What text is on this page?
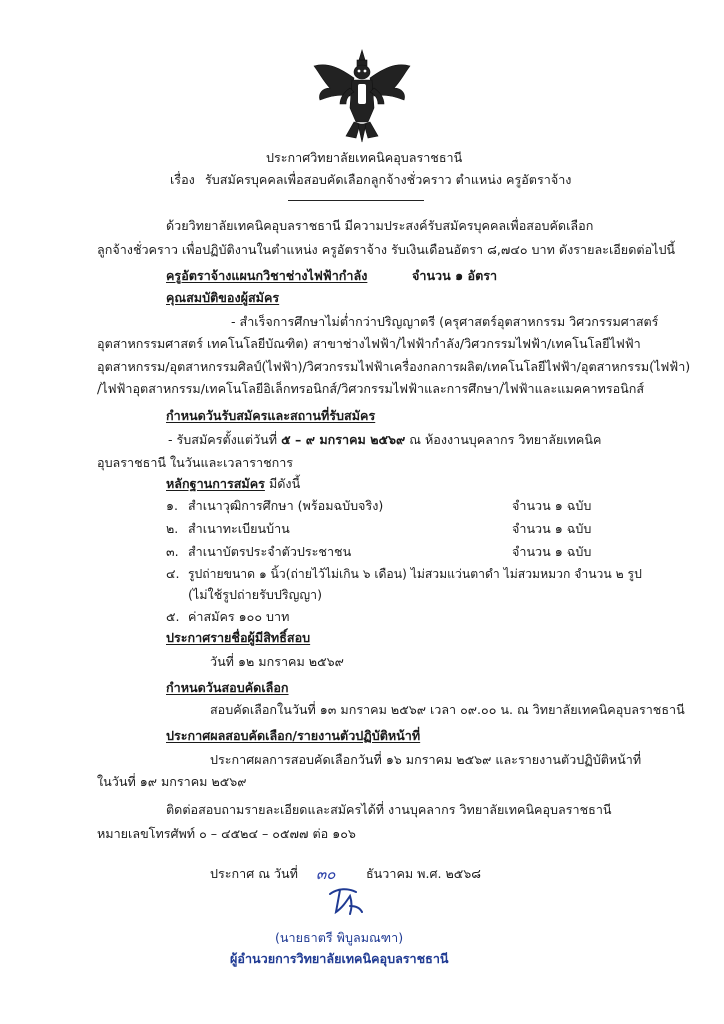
ประกาศวิทยาลัยเทคนิคอุบลราชธานี
เรื่อง รับสมัครบุคคลเพื่อสอบคัดเลือกลูกจ้างชั่วคราว ตำแหน่ง ครูอัตราจ้าง
ด้วยวิทยาลัยเทคนิคอุบลราชธานี มีความประสงค์รับสมัครบุคคลเพื่อสอบคัดเลือก
ลูกจ้างชั่วคราว เพื่อปฏิบัติงานในตำแหน่ง ครูอัตราจ้าง รับเงินเดือนอัตรา ๘,๗๔๐ บาท ดังรายละเอียดต่อไปนี้
ครูอัตราจ้างแผนกวิชาช่างไฟฟ้ากำลัง	จำนวน ๑ อัตรา
คุณสมบัติของผู้สมัคร
- สำเร็จการศึกษาไม่ต่ำกว่าปริญญาตรี (ครุศาสตร์อุตสาหกรรม วิศวกรรมศาสตร์
อุตสาหกรรมศาสตร์ เทคโนโลยีบัณฑิต) สาขาช่างไฟฟ้า/ไฟฟ้ากำลัง/วิศวกรรมไฟฟ้า/เทคโนโลยีไฟฟ้า
อุตสาหกรรม/อุตสาหกรรมศิลป์(ไฟฟ้า)/วิศวกรรมไฟฟ้าเครื่องกลการผลิต/เทคโนโลยีไฟฟ้า/อุตสาหกรรม(ไฟฟ้า)
/ไฟฟ้าอุตสาหกรรม/เทคโนโลยีอิเล็กทรอนิกส์/วิศวกรรมไฟฟ้าและการศึกษา/ไฟฟ้าและแมคคาทรอนิกส์
กำหนดวันรับสมัครและสถานที่รับสมัคร
- รับสมัครตั้งแต่วันที่ ๕ – ๙ มกราคม ๒๕๖๙ ณ ห้องงานบุคลากร วิทยาลัยเทคนิค
อุบลราชธานี ในวันและเวลาราชการ
หลักฐานการสมัคร มีดังนี้
๑. สำเนาวุฒิการศึกษา (พร้อมฉบับจริง)	จำนวน ๑ ฉบับ
๒. สำเนาทะเบียนบ้าน	จำนวน ๑ ฉบับ
๓. สำเนาบัตรประจำตัวประชาชน	จำนวน ๑ ฉบับ
๔. รูปถ่ายขนาด ๑ นิ้ว(ถ่ายไว้ไม่เกิน ๖ เดือน) ไม่สวมแว่นตาดำ ไม่สวมหมวก จำนวน ๒ รูป
(ไม่ใช้รูปถ่ายรับปริญญา)
๕. ค่าสมัคร ๑๐๐ บาท
ประกาศรายชื่อผู้มีสิทธิ์สอบ
วันที่ ๑๒ มกราคม ๒๕๖๙
กำหนดวันสอบคัดเลือก
สอบคัดเลือกในวันที่ ๑๓ มกราคม ๒๕๖๙ เวลา ๐๙.๐๐ น. ณ วิทยาลัยเทคนิคอุบลราชธานี
ประกาศผลสอบคัดเลือก/รายงานตัวปฏิบัติหน้าที่
ประกาศผลการสอบคัดเลือกวันที่ ๑๖ มกราคม ๒๕๖๙ และรายงานตัวปฏิบัติหน้าที่
ในวันที่ ๑๙ มกราคม ๒๕๖๙
ติดต่อสอบถามรายละเอียดและสมัครได้ที่ งานบุคลากร วิทยาลัยเทคนิคอุบลราชธานี
หมายเลขโทรศัพท์ ๐ – ๔๕๒๔ – ๐๕๗๗ ต่อ ๑๐๖
ประกาศ ณ วันที่ ๓๐ ธันวาคม พ.ศ. ๒๕๖๘
(นายธาตรี พิบูลมณฑา)
ผู้อำนวยการวิทยาลัยเทคนิคอุบลราชธานี
